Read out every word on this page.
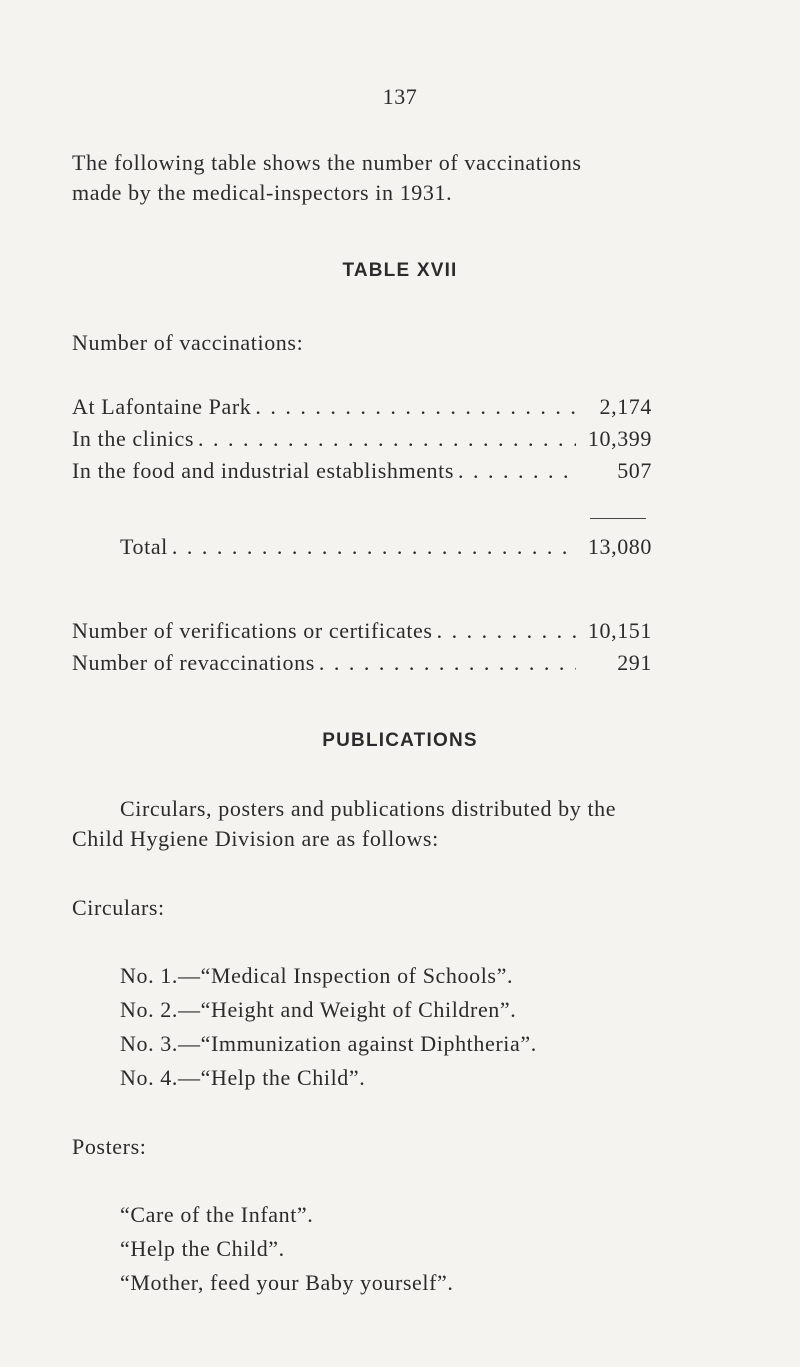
137
The following table shows the number of vaccinations
made by the medical-inspectors in 1931.
TABLE XVII
Number of vaccinations:
At Lafontaine Park . . .	2,174
In the clinics . . .	10,399
In the food and industrial establishments . . .	507
Total . . .	13,080
Number of verifications or certificates . . .	10,151
Number of revaccinations . . .	291
PUBLICATIONS
Circulars, posters and publications distributed by the
Child Hygiene Division are as follows:
Circulars:
No. 1.—“Medical Inspection of Schools”.
No. 2.—“Height and Weight of Children”.
No. 3.—“Immunization against Diphtheria”.
No. 4.—“Help the Child”.
Posters:
“Care of the Infant”.
“Help the Child”.
“Mother, feed your Baby yourself”.
